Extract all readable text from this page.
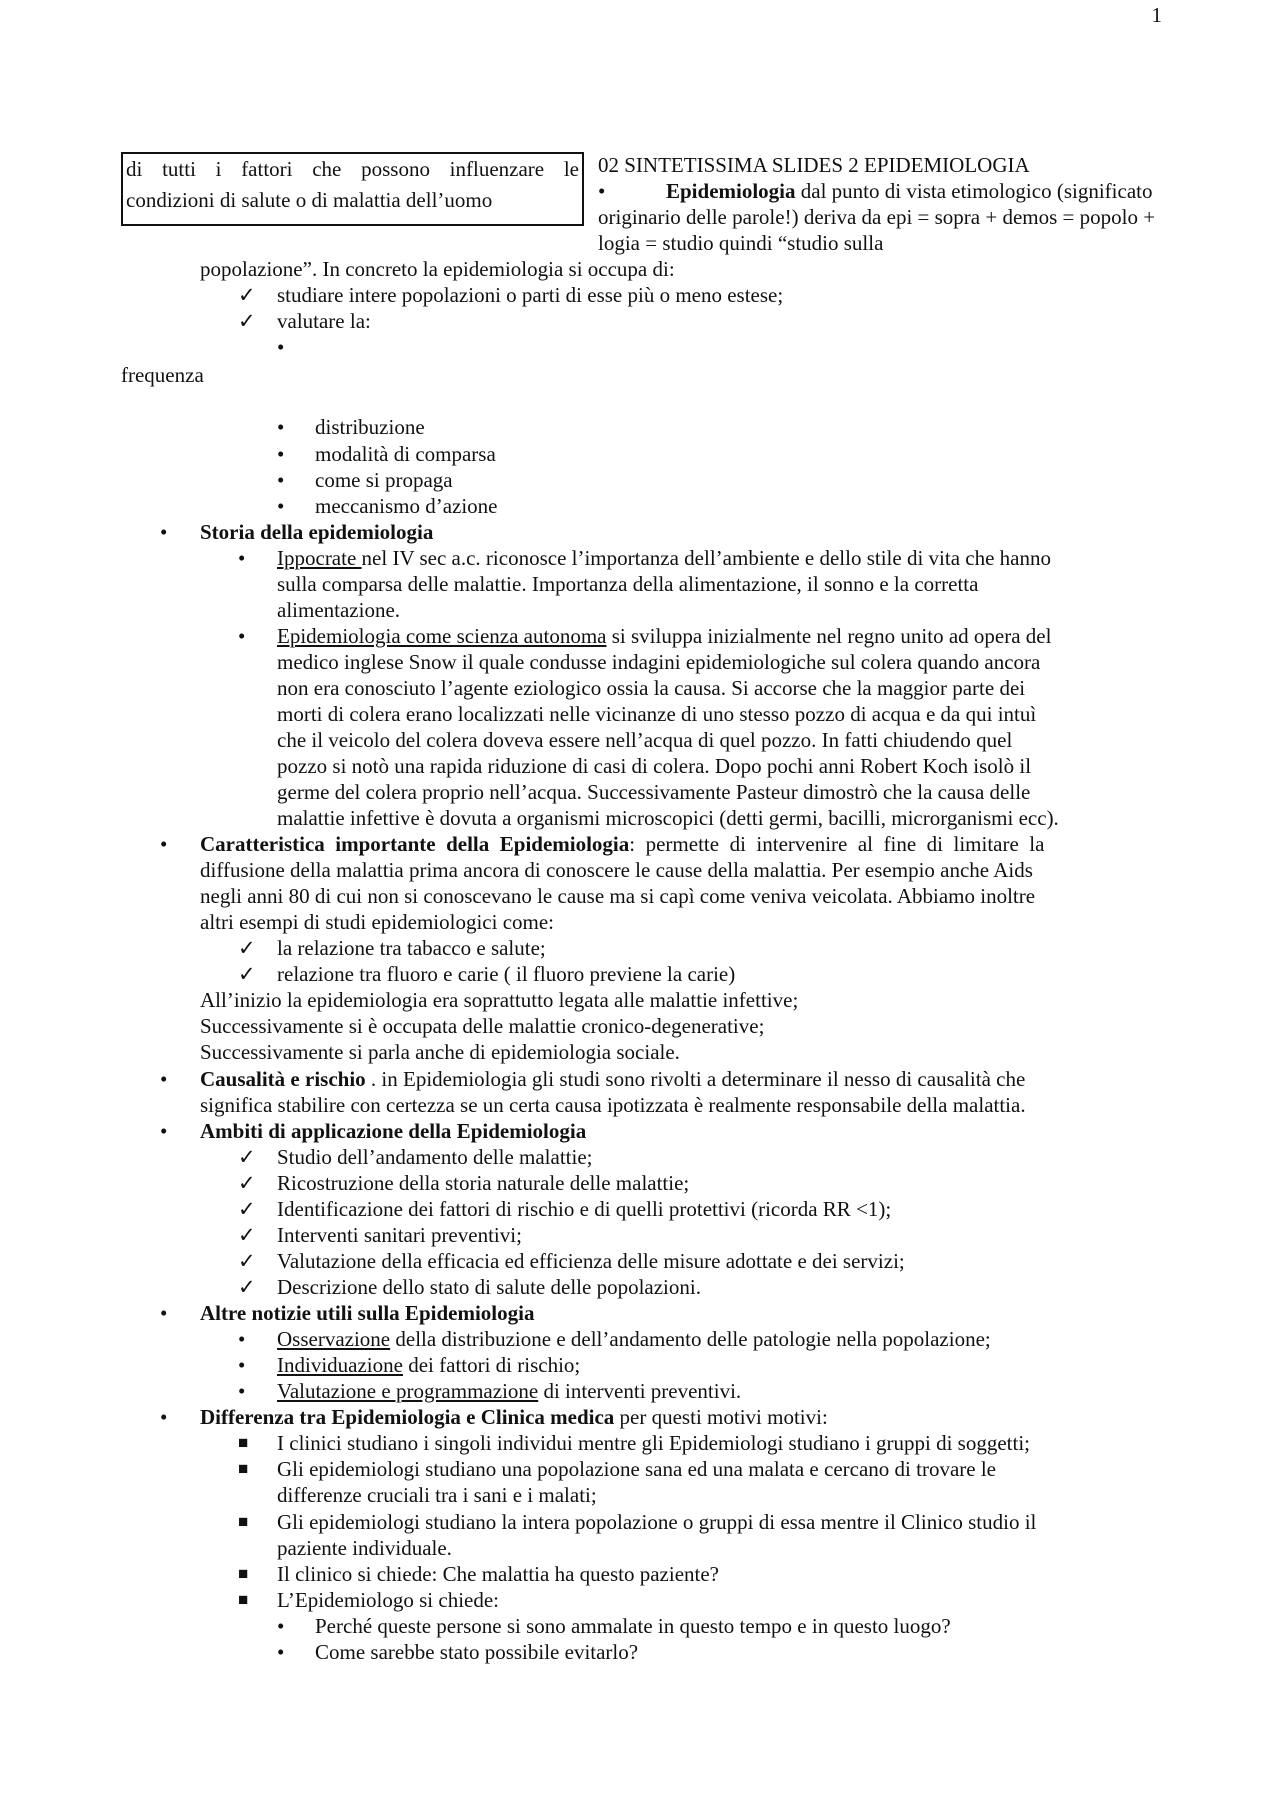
1
di tutti i fattori che possono influenzare le
condizioni di salute o di malattia dell’uomo
02 SINTETISSIMA SLIDES 2 EPIDEMIOLOGIA
•	Epidemiologia dal punto di vista etimologico (significato originario delle parole!) deriva da epi = sopra + demos = popolo + logia = studio quindi “studio sulla
popolazione”. In concreto la epidemiologia si occupa di:
✓ studiare intere popolazioni o parti di esse più o meno estese;
✓ valutare la:
•
frequenza
• distribuzione
• modalità di comparsa
• come si propaga
• meccanismo d’azione
• Storia della epidemiologia
• Ippocrate nel IV sec a.c. riconosce l’importanza dell’ambiente e dello stile di vita che hanno
sulla comparsa delle malattie. Importanza della alimentazione, il sonno e la corretta
alimentazione.
• Epidemiologia come scienza autonoma si sviluppa inizialmente nel regno unito ad opera del
medico inglese Snow il quale condusse indagini epidemiologiche sul colera quando ancora
non era conosciuto l’agente eziologico ossia la causa. Si accorse che la maggior parte dei
morti di colera erano localizzati nelle vicinanze di uno stesso pozzo di acqua e da qui intuì
che il veicolo del colera doveva essere nell’acqua di quel pozzo. In fatti chiudendo quel
pozzo si notò una rapida riduzione di casi di colera. Dopo pochi anni Robert Koch isolò il
germe del colera proprio nell’acqua. Successivamente Pasteur dimostrò che la causa delle
malattie infettive è dovuta a organismi microscopici (detti germi, bacilli, microrganismi ecc).
• Caratteristica  importante  della  Epidemiologia:  permette  di  intervenire  al  fine  di  limitare  la
diffusione della malattia prima ancora di conoscere le cause della malattia. Per esempio anche Aids
negli anni 80 di cui non si conoscevano le cause ma si capì come veniva veicolata. Abbiamo inoltre
altri esempi di studi epidemiologici come:
✓ la relazione tra tabacco e salute;
✓ relazione tra fluoro e carie ( il fluoro previene la carie)
All’inizio la epidemiologia era soprattutto legata alle malattie infettive;
Successivamente si è occupata delle malattie cronico-degenerative;
Successivamente si parla anche di epidemiologia sociale.
• Causalità e rischio . in Epidemiologia gli studi sono rivolti a determinare il nesso di causalità che
significa stabilire con certezza se un certa causa ipotizzata è realmente responsabile della malattia.
• Ambiti di applicazione della Epidemiologia
✓ Studio dell’andamento delle malattie;
✓ Ricostruzione della storia naturale delle malattie;
✓ Identificazione dei fattori di rischio e di quelli protettivi (ricorda RR <1);
✓ Interventi sanitari preventivi;
✓ Valutazione della efficacia ed efficienza delle misure adottate e dei servizi;
✓ Descrizione dello stato di salute delle popolazioni.
• Altre notizie utili sulla Epidemiologia
• Osservazione della distribuzione e dell’andamento delle patologie nella popolazione;
• Individuazione dei fattori di rischio;
• Valutazione e programmazione di interventi preventivi.
• Differenza tra Epidemiologia e Clinica medica per questi motivi motivi:
■ I clinici studiano i singoli individui mentre gli Epidemiologi studiano i gruppi di soggetti;
■ Gli epidemiologi studiano una popolazione sana ed una malata e cercano di trovare le
differenze cruciali tra i sani e i malati;
■ Gli epidemiologi studiano la intera popolazione o gruppi di essa mentre il Clinico studio il
paziente individuale.
■ Il clinico si chiede: Che malattia ha questo paziente?
■ L’Epidemiologo si chiede:
• Perché queste persone si sono ammalate in questo tempo e in questo luogo?
• Come sarebbe stato possibile evitarlo?
